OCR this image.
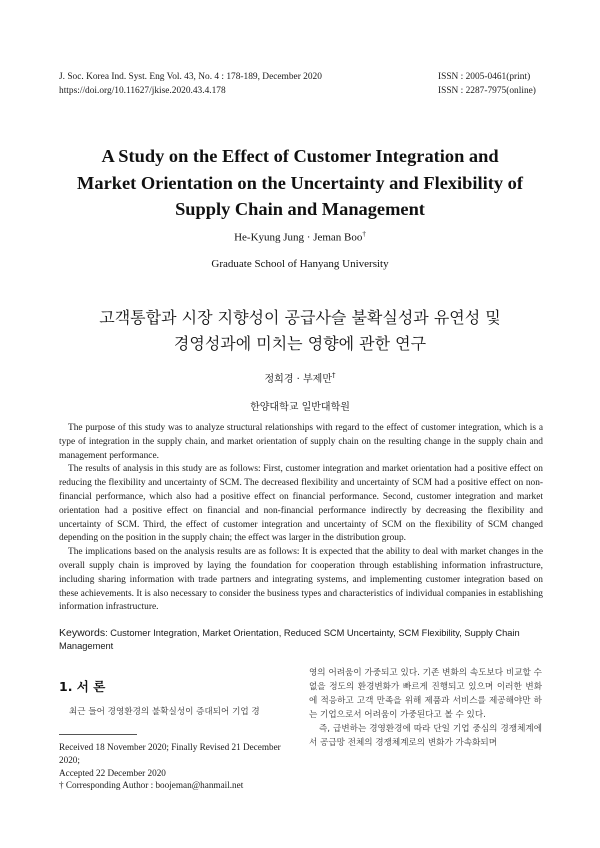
J. Soc. Korea Ind. Syst. Eng Vol. 43, No. 4 : 178-189, December 2020
https://doi.org/10.11627/jkise.2020.43.4.178
ISSN : 2005-0461(print)
ISSN : 2287-7975(online)
A Study on the Effect of Customer Integration and
Market Orientation on the Uncertainty and Flexibility of
Supply Chain and Management
He-Kyung Jung · Jeman Boo†
Graduate School of Hanyang University
고객통합과 시장 지향성이 공급사슬 불확실성과 유연성 및
경영성과에 미치는 영향에 관한 연구
정희경 · 부제만†
한양대학교 일반대학원

The purpose of this study was to analyze structural relationships with regard to the effect of customer integration, which is a type of integration in the supply chain, and market orientation of supply chain on the resulting change in the supply chain and management performance.

The results of analysis in this study are as follows: First, customer integration and market orientation had a positive effect on reducing the flexibility and uncertainty of SCM. The decreased flexibility and uncertainty of SCM had a positive effect on non-financial performance, which also had a positive effect on financial performance. Second, customer integration and market orientation had a positive effect on financial and non-financial performance indirectly by decreasing the flexibility and uncertainty of SCM. Third, the effect of customer integration and uncertainty of SCM on the flexibility of SCM changed depending on the position in the supply chain; the effect was larger in the distribution group.

The implications based on the analysis results are as follows: It is expected that the ability to deal with market changes in the overall supply chain is improved by laying the foundation for cooperation through establishing information infrastructure, including sharing information with trade partners and integrating systems, and implementing customer integration based on these achievements. It is also necessary to consider the business types and characteristics of individual companies in establishing information infrastructure.

Keywords: Customer Integration, Market Orientation, Reduced SCM Uncertainty, SCM Flexibility, Supply Chain Management
1. 서 론
최근 들어 경영환경의 불확실성이 증대되어 기업 경
Received 18 November 2020; Finally Revised 21 December 2020;
Accepted 22 December 2020
† Corresponding Author : boojeman@hanmail.net

영의 어려움이 가중되고 있다. 기존 변화의 속도보다 비교할 수 없을 정도의 환경변화가 빠르게 진행되고 있으며 이러한 변화에 적응하고 고객 만족을 위해 제품과 서비스를 제공해야만 하는 기업으로서 어려움이 가중된다고 볼 수 있다.

즉, 급변하는 경영환경에 따라 단일 기업 중심의 경쟁체계에서 공급망 전체의 경쟁체계로의 변화가 가속화되며
